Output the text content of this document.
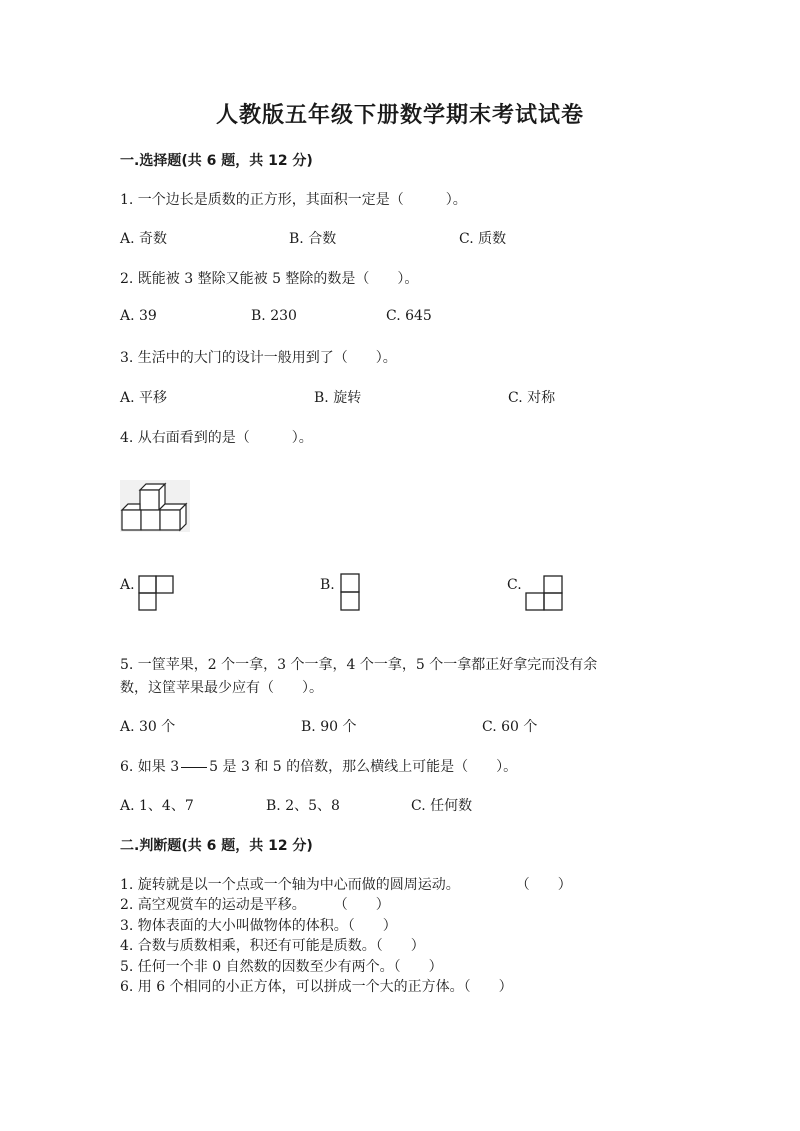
人教版五年级下册数学期末考试试卷
一.选择题(共 6 题，共 12 分)
1. 一个边长是质数的正方形，其面积一定是（　　　）。
A. 奇数	B. 合数	C. 质数
2. 既能被 3 整除又能被 5 整除的数是（　　）。
A. 39	B. 230	C. 645
3. 生活中的大门的设计一般用到了（　　）。
A. 平移	B. 旋转	C. 对称
4. 从右面看到的是（　　　）。
A.	B.	C.
5. 一筐苹果，2 个一拿，3 个一拿，4 个一拿，5 个一拿都正好拿完而没有余
数，这筐苹果最少应有（　　）。
A. 30 个	B. 90 个	C. 60 个
6. 如果 3 5 是 3 和 5 的倍数，那么横线上可能是（　　）。
A. 1、4、7	B. 2、5、8	C. 任何数
二.判断题(共 6 题，共 12 分)
1. 旋转就是以一个点或一个轴为中心而做的圆周运动。　　　　　（　　）
2. 高空观赏车的运动是平移。　　　（　　）
3. 物体表面的大小叫做物体的体积。（　　）
4. 合数与质数相乘，积还有可能是质数。（　　）
5. 任何一个非 0 自然数的因数至少有两个。（　　）
6. 用 6 个相同的小正方体，可以拼成一个大的正方体。（　　）
